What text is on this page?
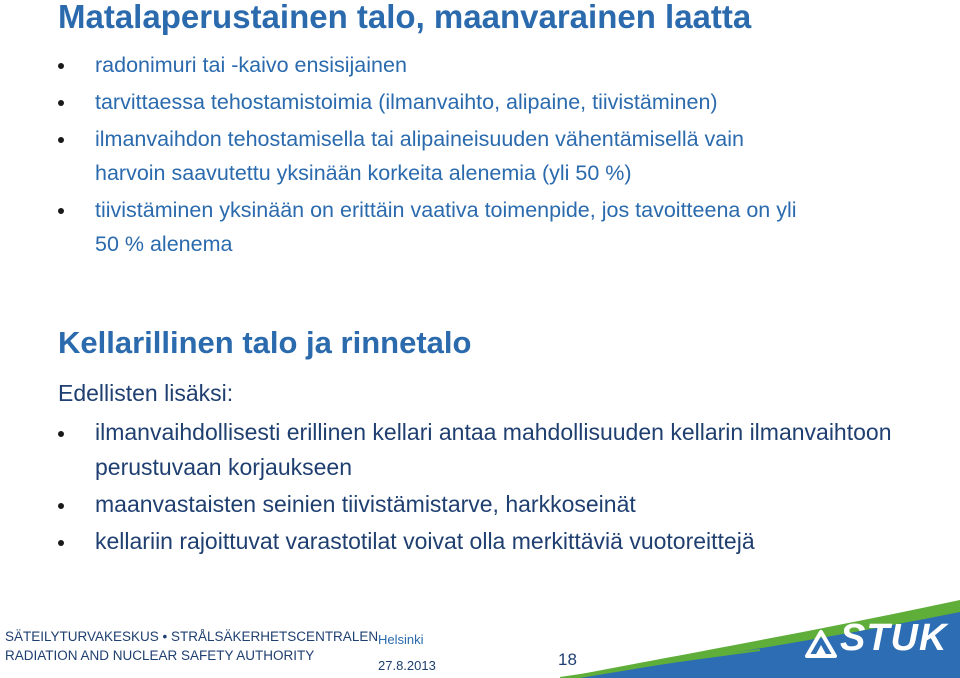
Matalaperustainen talo, maanvarainen laatta
radonimuri tai -kaivo ensisijainen
tarvittaessa tehostamistoimia (ilmanvaihto, alipaine, tiivistäminen)
ilmanvaihdon tehostamisella tai alipaineisuuden vähentämisellä vain harvoin saavutettu yksinään korkeita alenemia (yli 50 %)
tiivistäminen yksinään on erittäin vaativa toimenpide, jos tavoitteena on yli 50 % alenema
Kellarillinen talo ja rinnetalo
Edellisten lisäksi:
ilmanvaihdollisesti erillinen kellari antaa mahdollisuuden kellarin ilmanvaihtoon perustuvaan korjaukseen
maanvastaisten seinien tiivistämistarve, harkkoseinät
kellariin rajoittuvat varastotilat voivat olla merkittäviä vuotoreittejä
STUK
SÄTEILYTURVAKESKUS • STRÅLSÄKERHETSCENTRALEN
RADIATION AND NUCLEAR SAFETY AUTHORITY
Helsinki
27.8.2013	18
